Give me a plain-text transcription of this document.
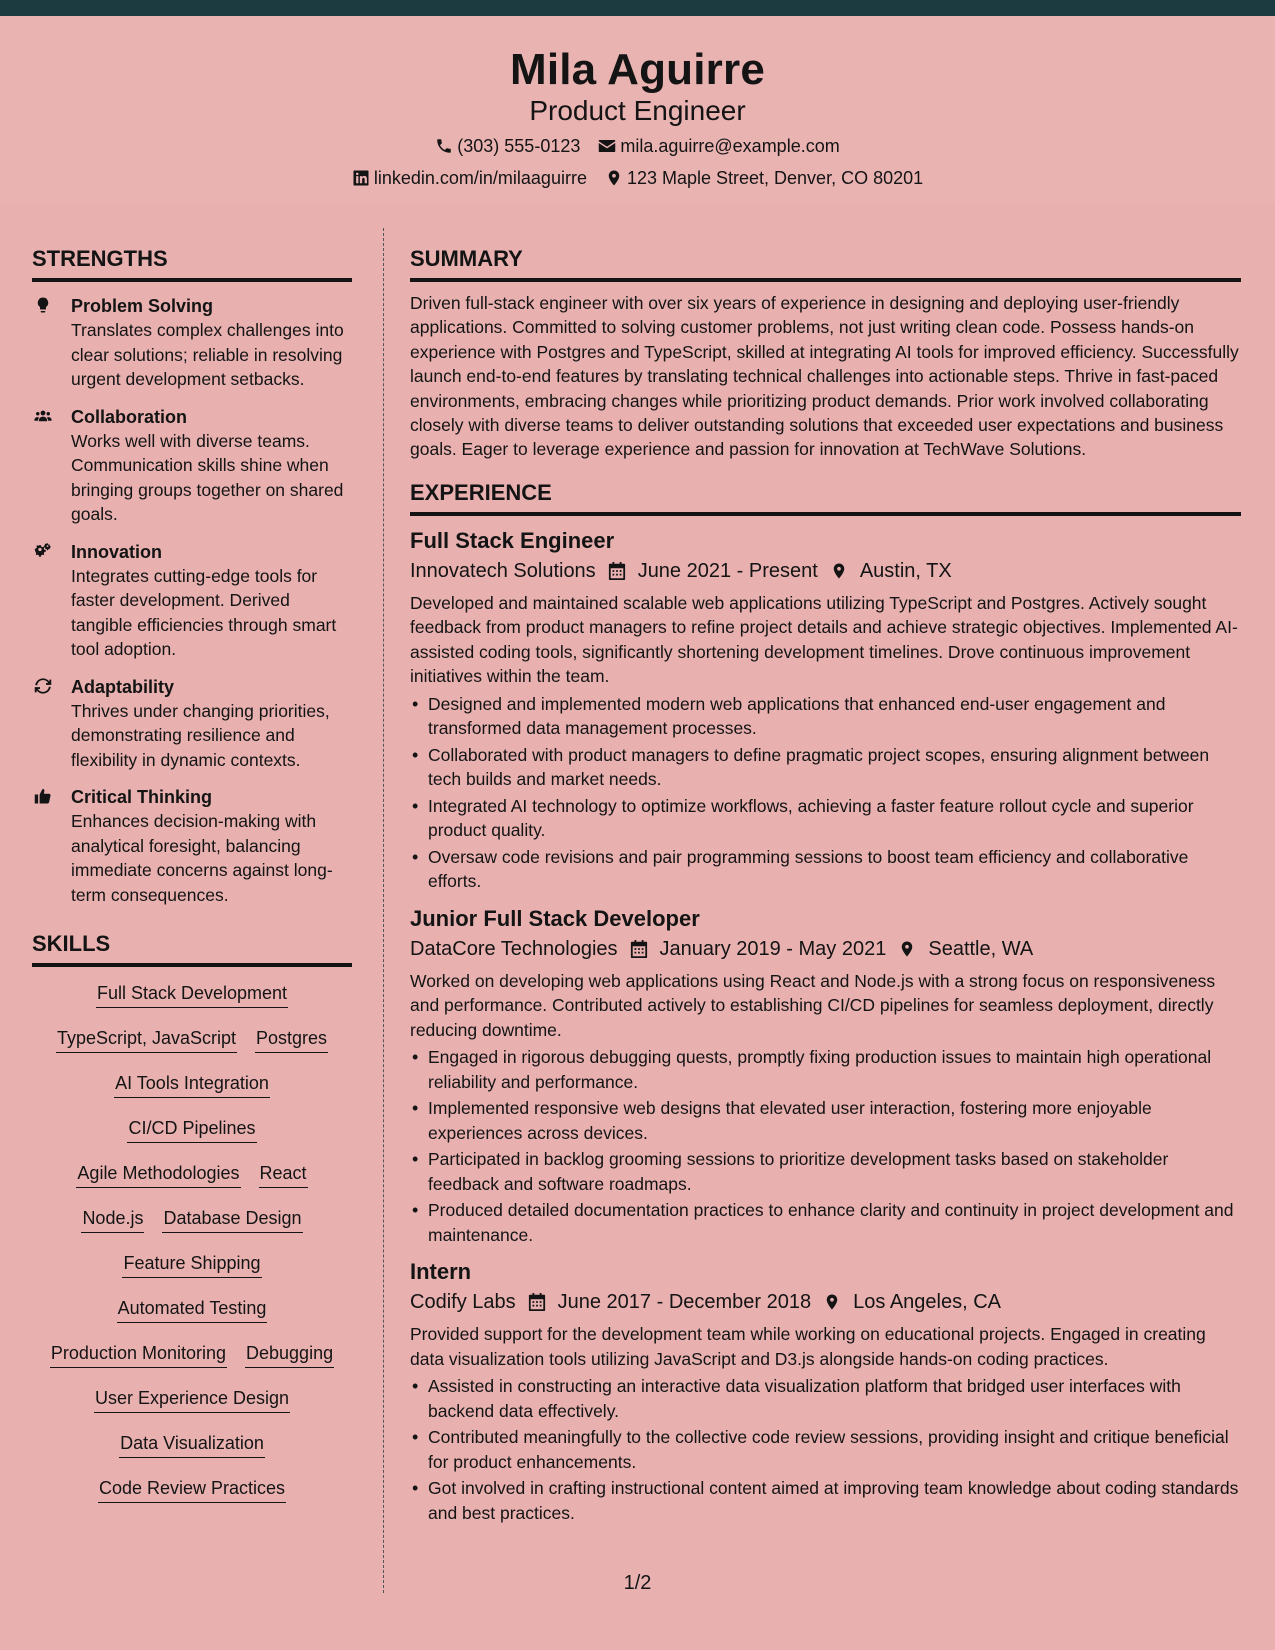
Mila Aguirre
Product Engineer
(303) 555-0123 mila.aguirre@example.com
linkedin.com/in/milaaguirre 123 Maple Street, Denver, CO 80201
STRENGTHS
Problem Solving
Translates complex challenges into clear solutions; reliable in resolving urgent development setbacks.
Collaboration
Works well with diverse teams. Communication skills shine when bringing groups together on shared goals.
Innovation
Integrates cutting-edge tools for faster development. Derived tangible efficiencies through smart tool adoption.
Adaptability
Thrives under changing priorities, demonstrating resilience and flexibility in dynamic contexts.
Critical Thinking
Enhances decision-making with analytical foresight, balancing immediate concerns against long-term consequences.
SKILLS
Full Stack Development
TypeScript, JavaScript Postgres
AI Tools Integration
CI/CD Pipelines
Agile Methodologies React
Node.js Database Design
Feature Shipping
Automated Testing
Production Monitoring Debugging
User Experience Design
Data Visualization
Code Review Practices
SUMMARY

Driven full-stack engineer with over six years of experience in designing and deploying user-friendly applications. Committed to solving customer problems, not just writing clean code. Possess hands-on experience with Postgres and TypeScript, skilled at integrating AI tools for improved efficiency. Successfully launch end-to-end features by translating technical challenges into actionable steps. Thrive in fast-paced environments, embracing changes while prioritizing product demands. Prior work involved collaborating closely with diverse teams to deliver outstanding solutions that exceeded user expectations and business goals. Eager to leverage experience and passion for innovation at TechWave Solutions.

EXPERIENCE
Full Stack Engineer
Innovatech Solutions June 2021 - Present Austin, TX

Developed and maintained scalable web applications utilizing TypeScript and Postgres. Actively sought feedback from product managers to refine project details and achieve strategic objectives. Implemented AI-assisted coding tools, significantly shortening development timelines. Drove continuous improvement initiatives within the team.

• Designed and implemented modern web applications that enhanced end-user engagement and transformed data management processes.
• Collaborated with product managers to define pragmatic project scopes, ensuring alignment between tech builds and market needs.
• Integrated AI technology to optimize workflows, achieving a faster feature rollout cycle and superior product quality.
• Oversaw code revisions and pair programming sessions to boost team efficiency and collaborative efforts.
Junior Full Stack Developer
DataCore Technologies January 2019 - May 2021 Seattle, WA

Worked on developing web applications using React and Node.js with a strong focus on responsiveness and performance. Contributed actively to establishing CI/CD pipelines for seamless deployment, directly reducing downtime.

• Engaged in rigorous debugging quests, promptly fixing production issues to maintain high operational reliability and performance.
• Implemented responsive web designs that elevated user interaction, fostering more enjoyable experiences across devices.
• Participated in backlog grooming sessions to prioritize development tasks based on stakeholder feedback and software roadmaps.
• Produced detailed documentation practices to enhance clarity and continuity in project development and maintenance.
Intern
Codify Labs June 2017 - December 2018 Los Angeles, CA

Provided support for the development team while working on educational projects. Engaged in creating data visualization tools utilizing JavaScript and D3.js alongside hands-on coding practices.

• Assisted in constructing an interactive data visualization platform that bridged user interfaces with backend data effectively.
• Contributed meaningfully to the collective code review sessions, providing insight and critique beneficial for product enhancements.
• Got involved in crafting instructional content aimed at improving team knowledge about coding standards and best practices.
1/2
